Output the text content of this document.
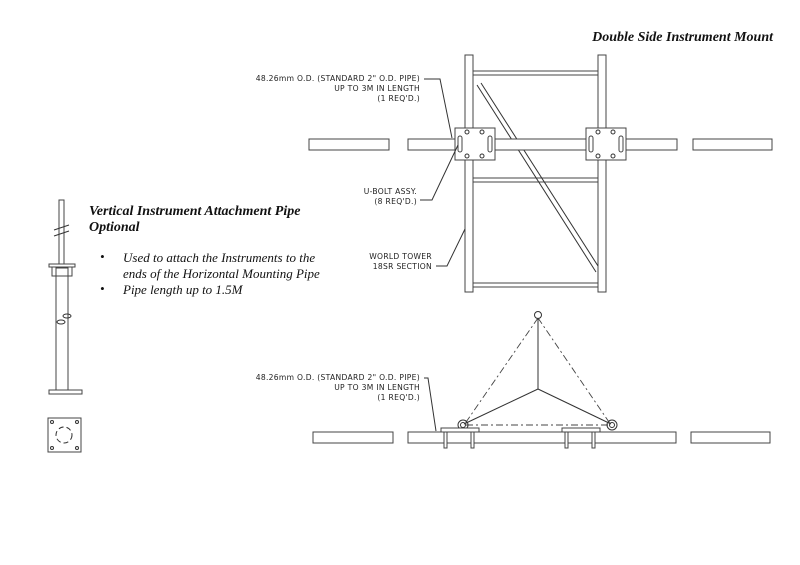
Double Side Instrument Mount
48.26mm O.D. (STANDARD 2" O.D. PIPE)
UP TO 3M IN LENGTH
(1 REQ'D.)
U-BOLT ASSY.
(8 REQ'D.)
WORLD TOWER
18SR SECTION
48.26mm O.D. (STANDARD 2" O.D. PIPE)
UP TO 3M IN LENGTH
(1 REQ'D.)
Vertical Instrument Attachment Pipe
Optional
• Used to attach the Instruments to the
ends of the Horizontal Mounting Pipe
• Pipe length up to 1.5M
